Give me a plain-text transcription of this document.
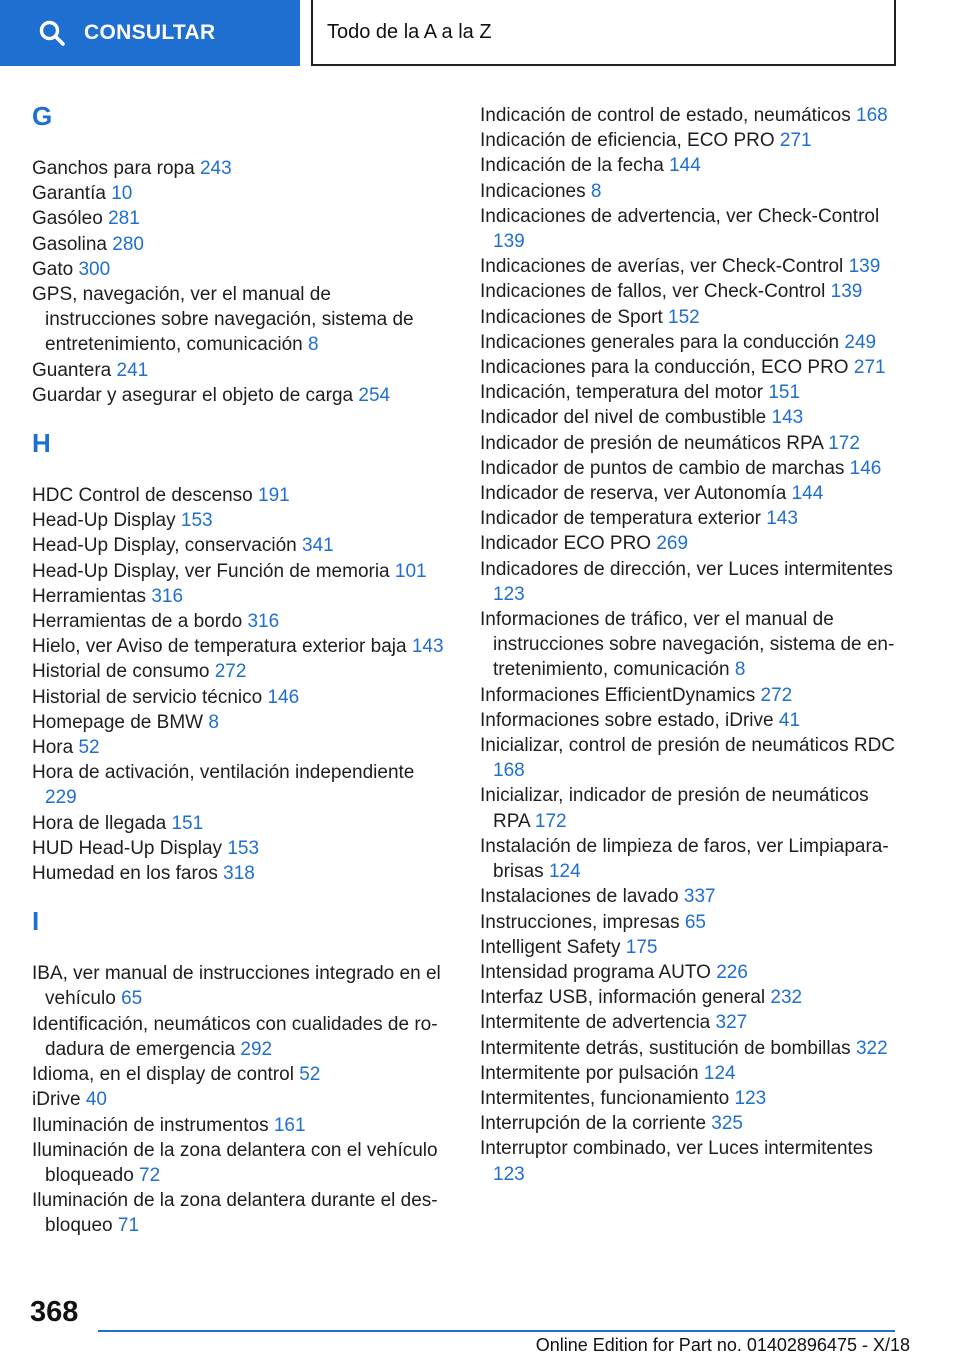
CONSULTAR	Todo de la A a la Z
G
Ganchos para ropa 243
Garantía 10
Gasóleo 281
Gasolina 280
Gato 300
GPS, navegación, ver el manual de instrucciones sobre navegación, sistema de entretenimiento, comunicación 8
Guantera 241
Guardar y asegurar el objeto de carga 254
H
HDC Control de descenso 191
Head-Up Display 153
Head-Up Display, conservación 341
Head-Up Display, ver Función de memoria 101
Herramientas 316
Herramientas de a bordo 316
Hielo, ver Aviso de temperatura exterior baja 143
Historial de consumo 272
Historial de servicio técnico 146
Homepage de BMW 8
Hora 52
Hora de activación, ventilación independiente 229
Hora de llegada 151
HUD Head-Up Display 153
Humedad en los faros 318
I
IBA, ver manual de instrucciones integrado en el vehículo 65
Identificación, neumáticos con cualidades de rodadura de emergencia 292
Idioma, en el display de control 52
iDrive 40
Iluminación de instrumentos 161
Iluminación de la zona delantera con el vehículo bloqueado 72
Iluminación de la zona delantera durante el desbloqueo 71
Indicación de control de estado, neumáticos 168
Indicación de eficiencia, ECO PRO 271
Indicación de la fecha 144
Indicaciones 8
Indicaciones de advertencia, ver Check-Control 139
Indicaciones de averías, ver Check-Control 139
Indicaciones de fallos, ver Check-Control 139
Indicaciones de Sport 152
Indicaciones generales para la conducción 249
Indicaciones para la conducción, ECO PRO 271
Indicación, temperatura del motor 151
Indicador del nivel de combustible 143
Indicador de presión de neumáticos RPA 172
Indicador de puntos de cambio de marchas 146
Indicador de reserva, ver Autonomía 144
Indicador de temperatura exterior 143
Indicador ECO PRO 269
Indicadores de dirección, ver Luces intermitentes 123
Informaciones de tráfico, ver el manual de instrucciones sobre navegación, sistema de entretenimiento, comunicación 8
Informaciones EfficientDynamics 272
Informaciones sobre estado, iDrive 41
Inicializar, control de presión de neumáticos RDC 168
Inicializar, indicador de presión de neumáticos RPA 172
Instalación de limpieza de faros, ver Limpiaparabrisas 124
Instalaciones de lavado 337
Instrucciones, impresas 65
Intelligent Safety 175
Intensidad programa AUTO 226
Interfaz USB, información general 232
Intermitente de advertencia 327
Intermitente detrás, sustitución de bombillas 322
Intermitente por pulsación 124
Intermitentes, funcionamiento 123
Interrupción de la corriente 325
Interruptor combinado, ver Luces intermitentes 123
368
Online Edition for Part no. 01402896475 - X/18
